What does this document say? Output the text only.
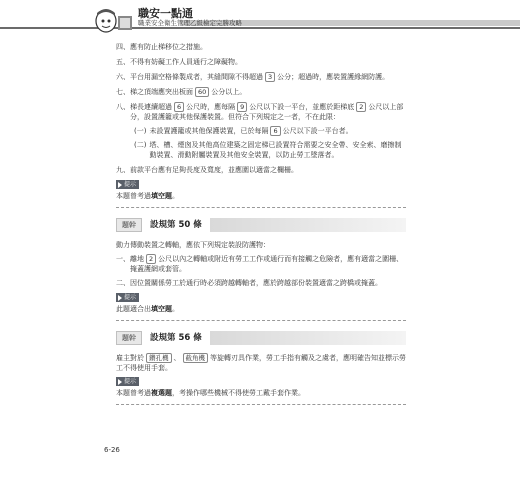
職安一點通
職業安全衛生管理乙級檢定完勝攻略
四、 應有防止梯移位之措施。
五、 不得有妨礙工作人員通行之障礙物。
六、 平台用漏空格條製成者，其縫間隙不得超過 3 公分；超過時，應裝置護緣網防護。
七、 梯之頂端應突出板面 60 公分以上。
八、 梯長連續超過 6 公尺時，應每隔 9 公尺以下設一平台，並應於距梯底 2 公尺以上部分，設置護籠或其他保護裝置。但符合下列規定之一者，不在此限：
(一) 未設置護籠或其他保護裝置，已於每隔 6 公尺以下設一平台者。
(二) 塔、槽、煙囪及其他高位建築之固定梯已設置符合需要之安全帶、安全索、磨擦制動裝置、滑動附屬裝置及其他安全裝置，以防止勞工墜落者。
九、 前款平台應有足夠長度及寬度，並應圍以適當之欄柵。
提示
本題曾考過填空題。
題幹	設規第 50 條
動力傳動裝置之轉軸，應依下列規定裝設防護物：
一、 離地 2 公尺以內之轉軸或附近有勞工工作或通行而有接觸之危險者，應有適當之圍柵、掩蓋護網或套管。
二、 因位置關係勞工於通行時必須跨越轉軸者，應於跨越部份裝置適當之跨橋或掩蓋。
提示
此題適合出填空題。
題幹	設規第 56 條
雇主對於 鑽孔機 、 截角機 等旋轉刃具作業，勞工手指有觸及之虞者，應明確告知並標示勞工不得使用手套。
提示
本題曾考過複選題，考操作哪些機械不得使勞工戴手套作業。
6-26
